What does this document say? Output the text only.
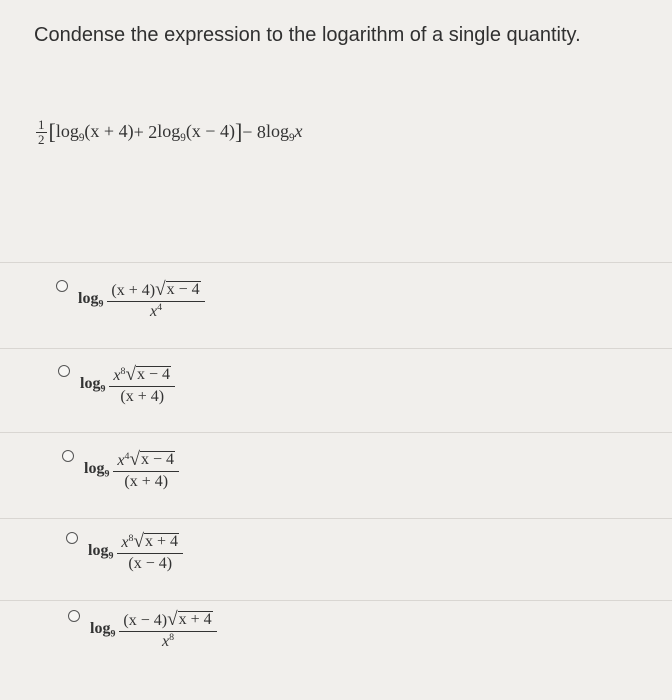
Condense the expression to the logarithm of a single quantity.
$\frac{1}{2}$ [ $\log_9(x + 4) + 2$ $\log_9(x - 4)$ ] − 8 $\log_9x$
$\log_9$
(x + 4) √ x − 4
$x^4$
$\log_9$
$x^8$ √ x − 4
(x + 4)
$\log_9$
$x^4$ √ x − 4
(x + 4)
$\log_9$
$x^8$ √ x + 4
(x − 4)
$\log_9$
(x − 4) √ x + 4
$x^8$
